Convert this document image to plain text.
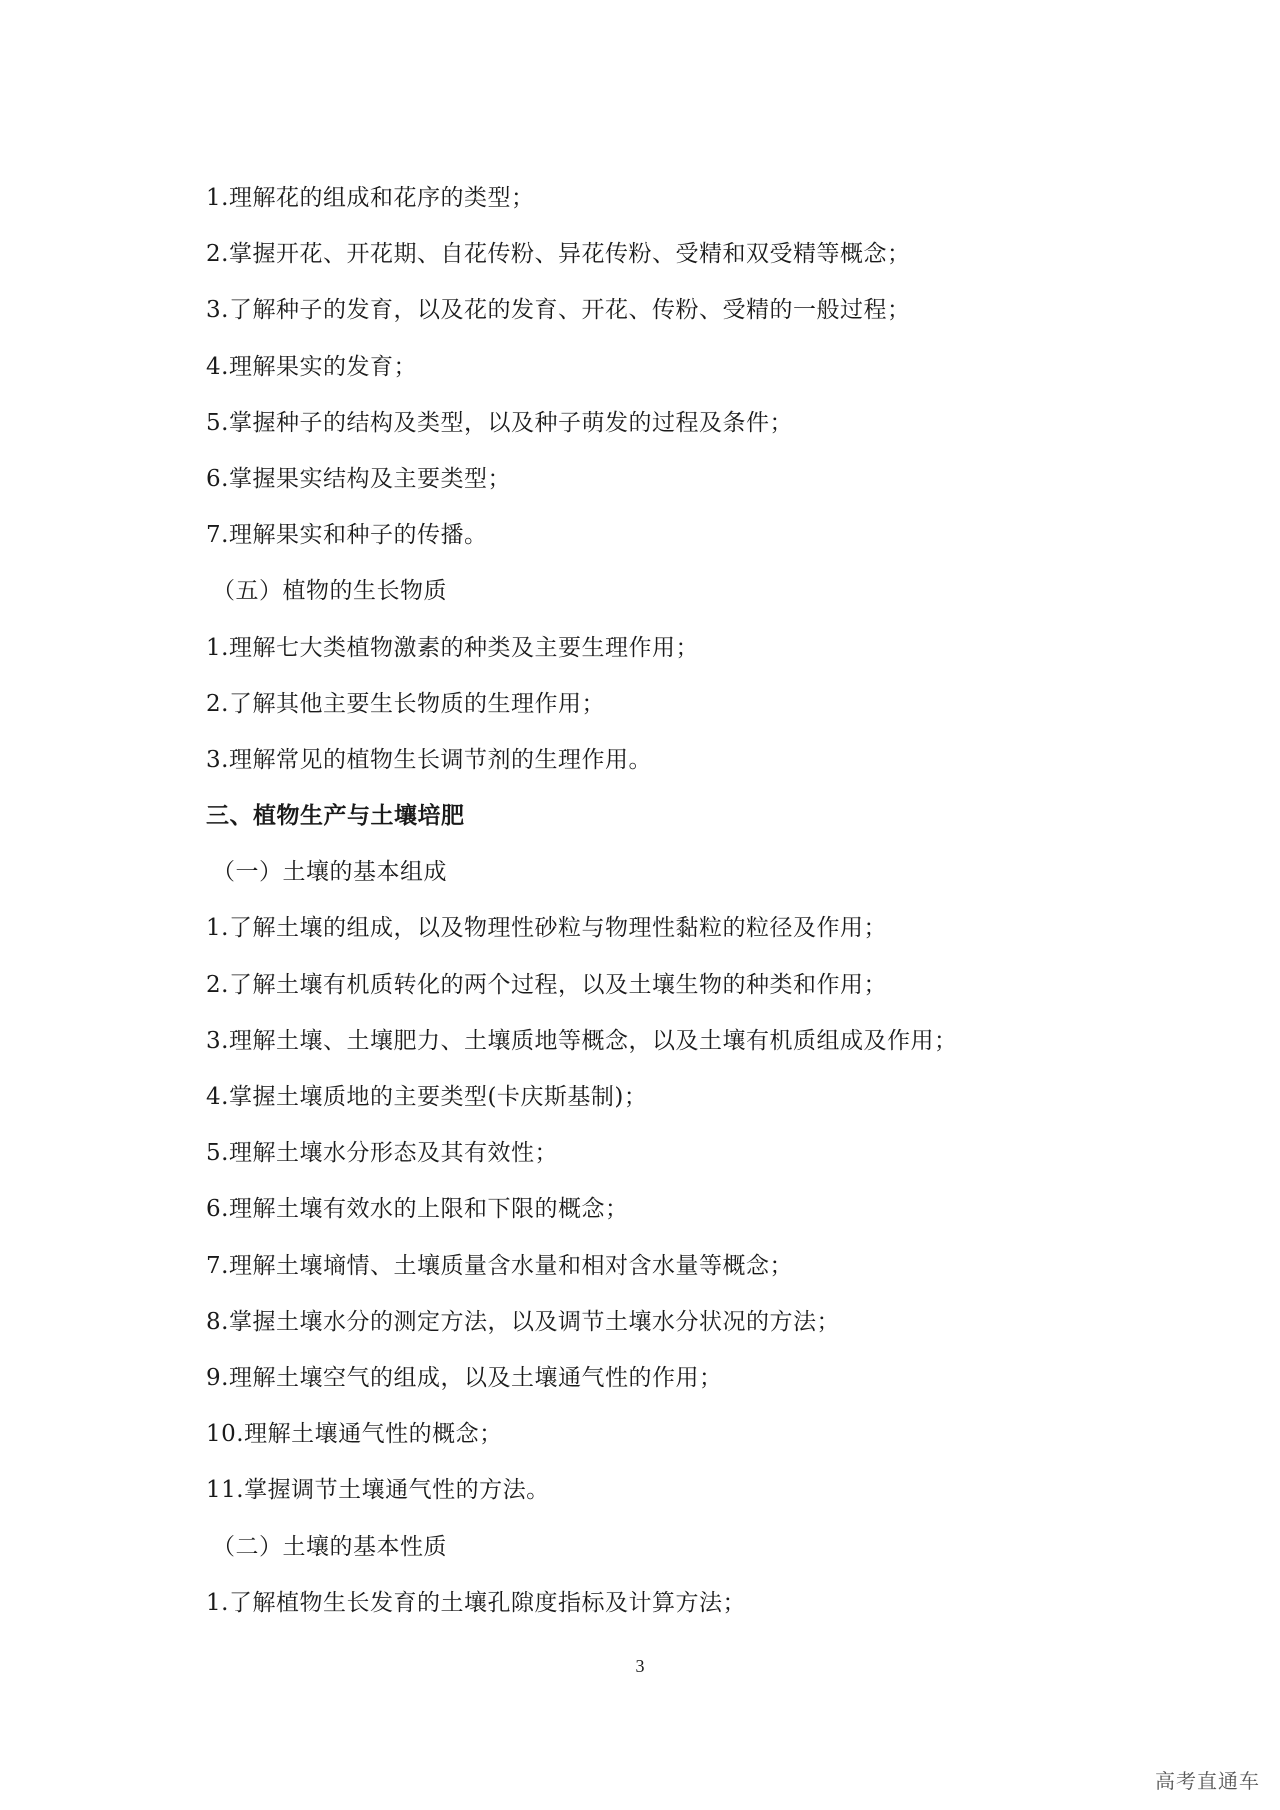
1.理解花的组成和花序的类型；
2.掌握开花、开花期、自花传粉、异花传粉、受精和双受精等概念；
3.了解种子的发育，以及花的发育、开花、传粉、受精的一般过程；
4.理解果实的发育；
5.掌握种子的结构及类型，以及种子萌发的过程及条件；
6.掌握果实结构及主要类型；
7.理解果实和种子的传播。
（五）植物的生长物质
1.理解七大类植物激素的种类及主要生理作用；
2.了解其他主要生长物质的生理作用；
3.理解常见的植物生长调节剂的生理作用。
三、植物生产与土壤培肥
（一）土壤的基本组成
1.了解土壤的组成，以及物理性砂粒与物理性黏粒的粒径及作用；
2.了解土壤有机质转化的两个过程，以及土壤生物的种类和作用；
3.理解土壤、土壤肥力、土壤质地等概念，以及土壤有机质组成及作用；
4.掌握土壤质地的主要类型(卡庆斯基制)；
5.理解土壤水分形态及其有效性；
6.理解土壤有效水的上限和下限的概念；
7.理解土壤墒情、土壤质量含水量和相对含水量等概念；
8.掌握土壤水分的测定方法，以及调节土壤水分状况的方法；
9.理解土壤空气的组成，以及土壤通气性的作用；
10.理解土壤通气性的概念；
11.掌握调节土壤通气性的方法。
（二）土壤的基本性质
1.了解植物生长发育的土壤孔隙度指标及计算方法；
3
高考直通车
